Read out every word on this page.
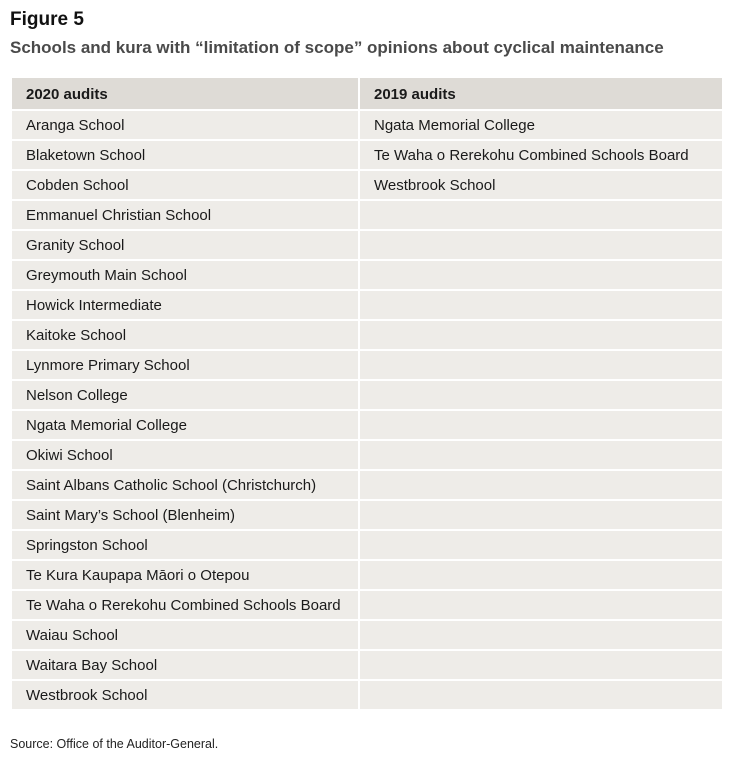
Figure 5
Schools and kura with “limitation of scope” opinions about cyclical maintenance
2020 audits	2019 audits
Aranga School	Ngata Memorial College
Blaketown School	Te Waha o Rerekohu Combined Schools Board
Cobden School	Westbrook School
Emmanuel Christian School	
Granity School	
Greymouth Main School	
Howick Intermediate	
Kaitoke School	
Lynmore Primary School	
Nelson College	
Ngata Memorial College	
Okiwi School	
Saint Albans Catholic School (Christchurch)	
Saint Mary’s School (Blenheim)	
Springston School	
Te Kura Kaupapa Māori o Otepou	
Te Waha o Rerekohu Combined Schools Board	
Waiau School	
Waitara Bay School	
Westbrook School	
Source: Office of the Auditor-General.
